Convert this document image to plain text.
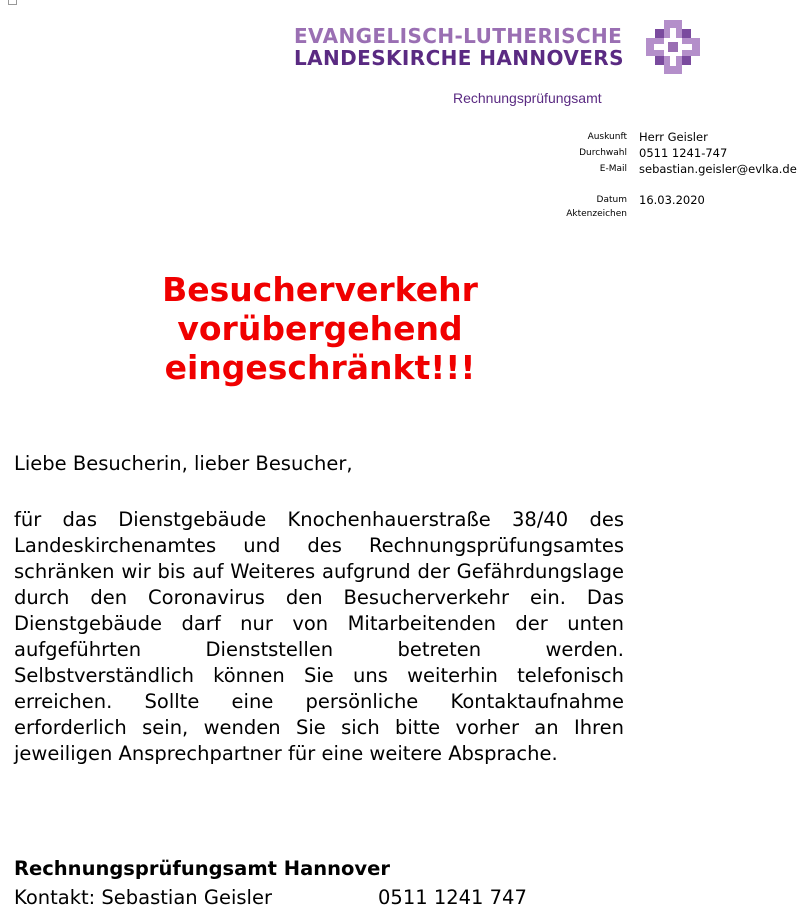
EVANGELISCH-LUTHERISCHE
LANDESKIRCHE HANNOVERS
Rechnungsprüfungsamt
Auskunft Herr Geisler
Durchwahl 0511 1241-747
E-Mail sebastian.geisler@evlka.de
Datum 16.03.2020
Aktenzeichen
Besucherverkehr
vorübergehend
eingeschränkt!!!
Liebe Besucherin, lieber Besucher,
für das Dienstgebäude Knochenhauerstraße 38/40 des Landeskirchenamtes und des Rechnungsprüfungsamtes schränken wir bis auf Weiteres aufgrund der Gefährdungslage durch den Coronavirus den Besucherverkehr ein. Das Dienstgebäude darf nur von Mitarbeitenden der unten aufgeführten Dienststellen betreten werden. Selbstverständlich können Sie uns weiterhin telefonisch erreichen. Sollte eine persönliche Kontaktaufnahme erforderlich sein, wenden Sie sich bitte vorher an Ihren jeweiligen Ansprechpartner für eine weitere Absprache.
Rechnungsprüfungsamt Hannover
Kontakt: Sebastian Geisler	0511 1241 747
